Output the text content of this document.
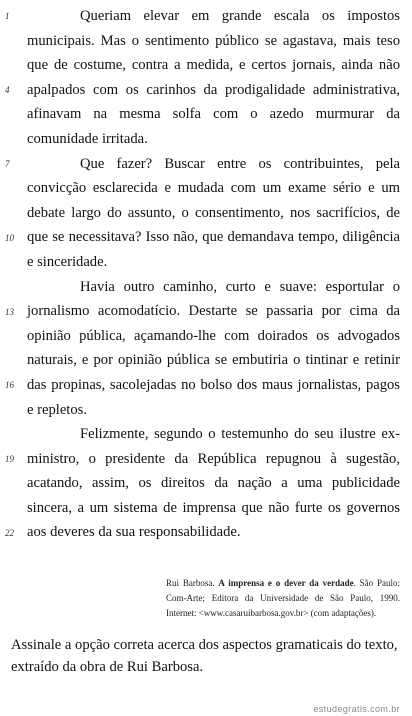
1
4
7
10
13
16
19
22

Queriam elevar em grande escala os impostos municipais. Mas o sentimento público se agastava, mais teso que de costume, contra a medida, e certos jornais, ainda não apalpados com os carinhos da prodigalidade administrativa, afinavam na mesma solfa com o azedo murmurar da comunidade irritada.

Que fazer? Buscar entre os contribuintes, pela convicção esclarecida e mudada com um exame sério e um debate largo do assunto, o consentimento, nos sacrifícios, de que se necessitava? Isso não, que demandava tempo, diligência e sinceridade.

Havia outro caminho, curto e suave: esportular o jornalismo acomodatício. Destarte se passaria por cima da opinião pública, açamando-lhe com doirados os advogados naturais, e por opinião pública se embutiria o tintinar e retinir das propinas, sacolejadas no bolso dos maus jornalistas, pagos e repletos.

Felizmente, segundo o testemunho do seu ilustre ex-ministro, o presidente da República repugnou à sugestão, acatando, assim, os direitos da nação a uma publicidade sincera, a um sistema de imprensa que não furte os governos aos deveres da sua responsabilidade.

Rui Barbosa. A imprensa e o dever da verdade. São Paulo: Com-Arte; Editora da Universidade de São Paulo, 1990. Internet: <www.casaruibarbosa.gov.br> (com adaptações).
Assinale a opção correta acerca dos aspectos gramaticais do texto, extraído da obra de Rui Barbosa.
estudegratis.com.br
